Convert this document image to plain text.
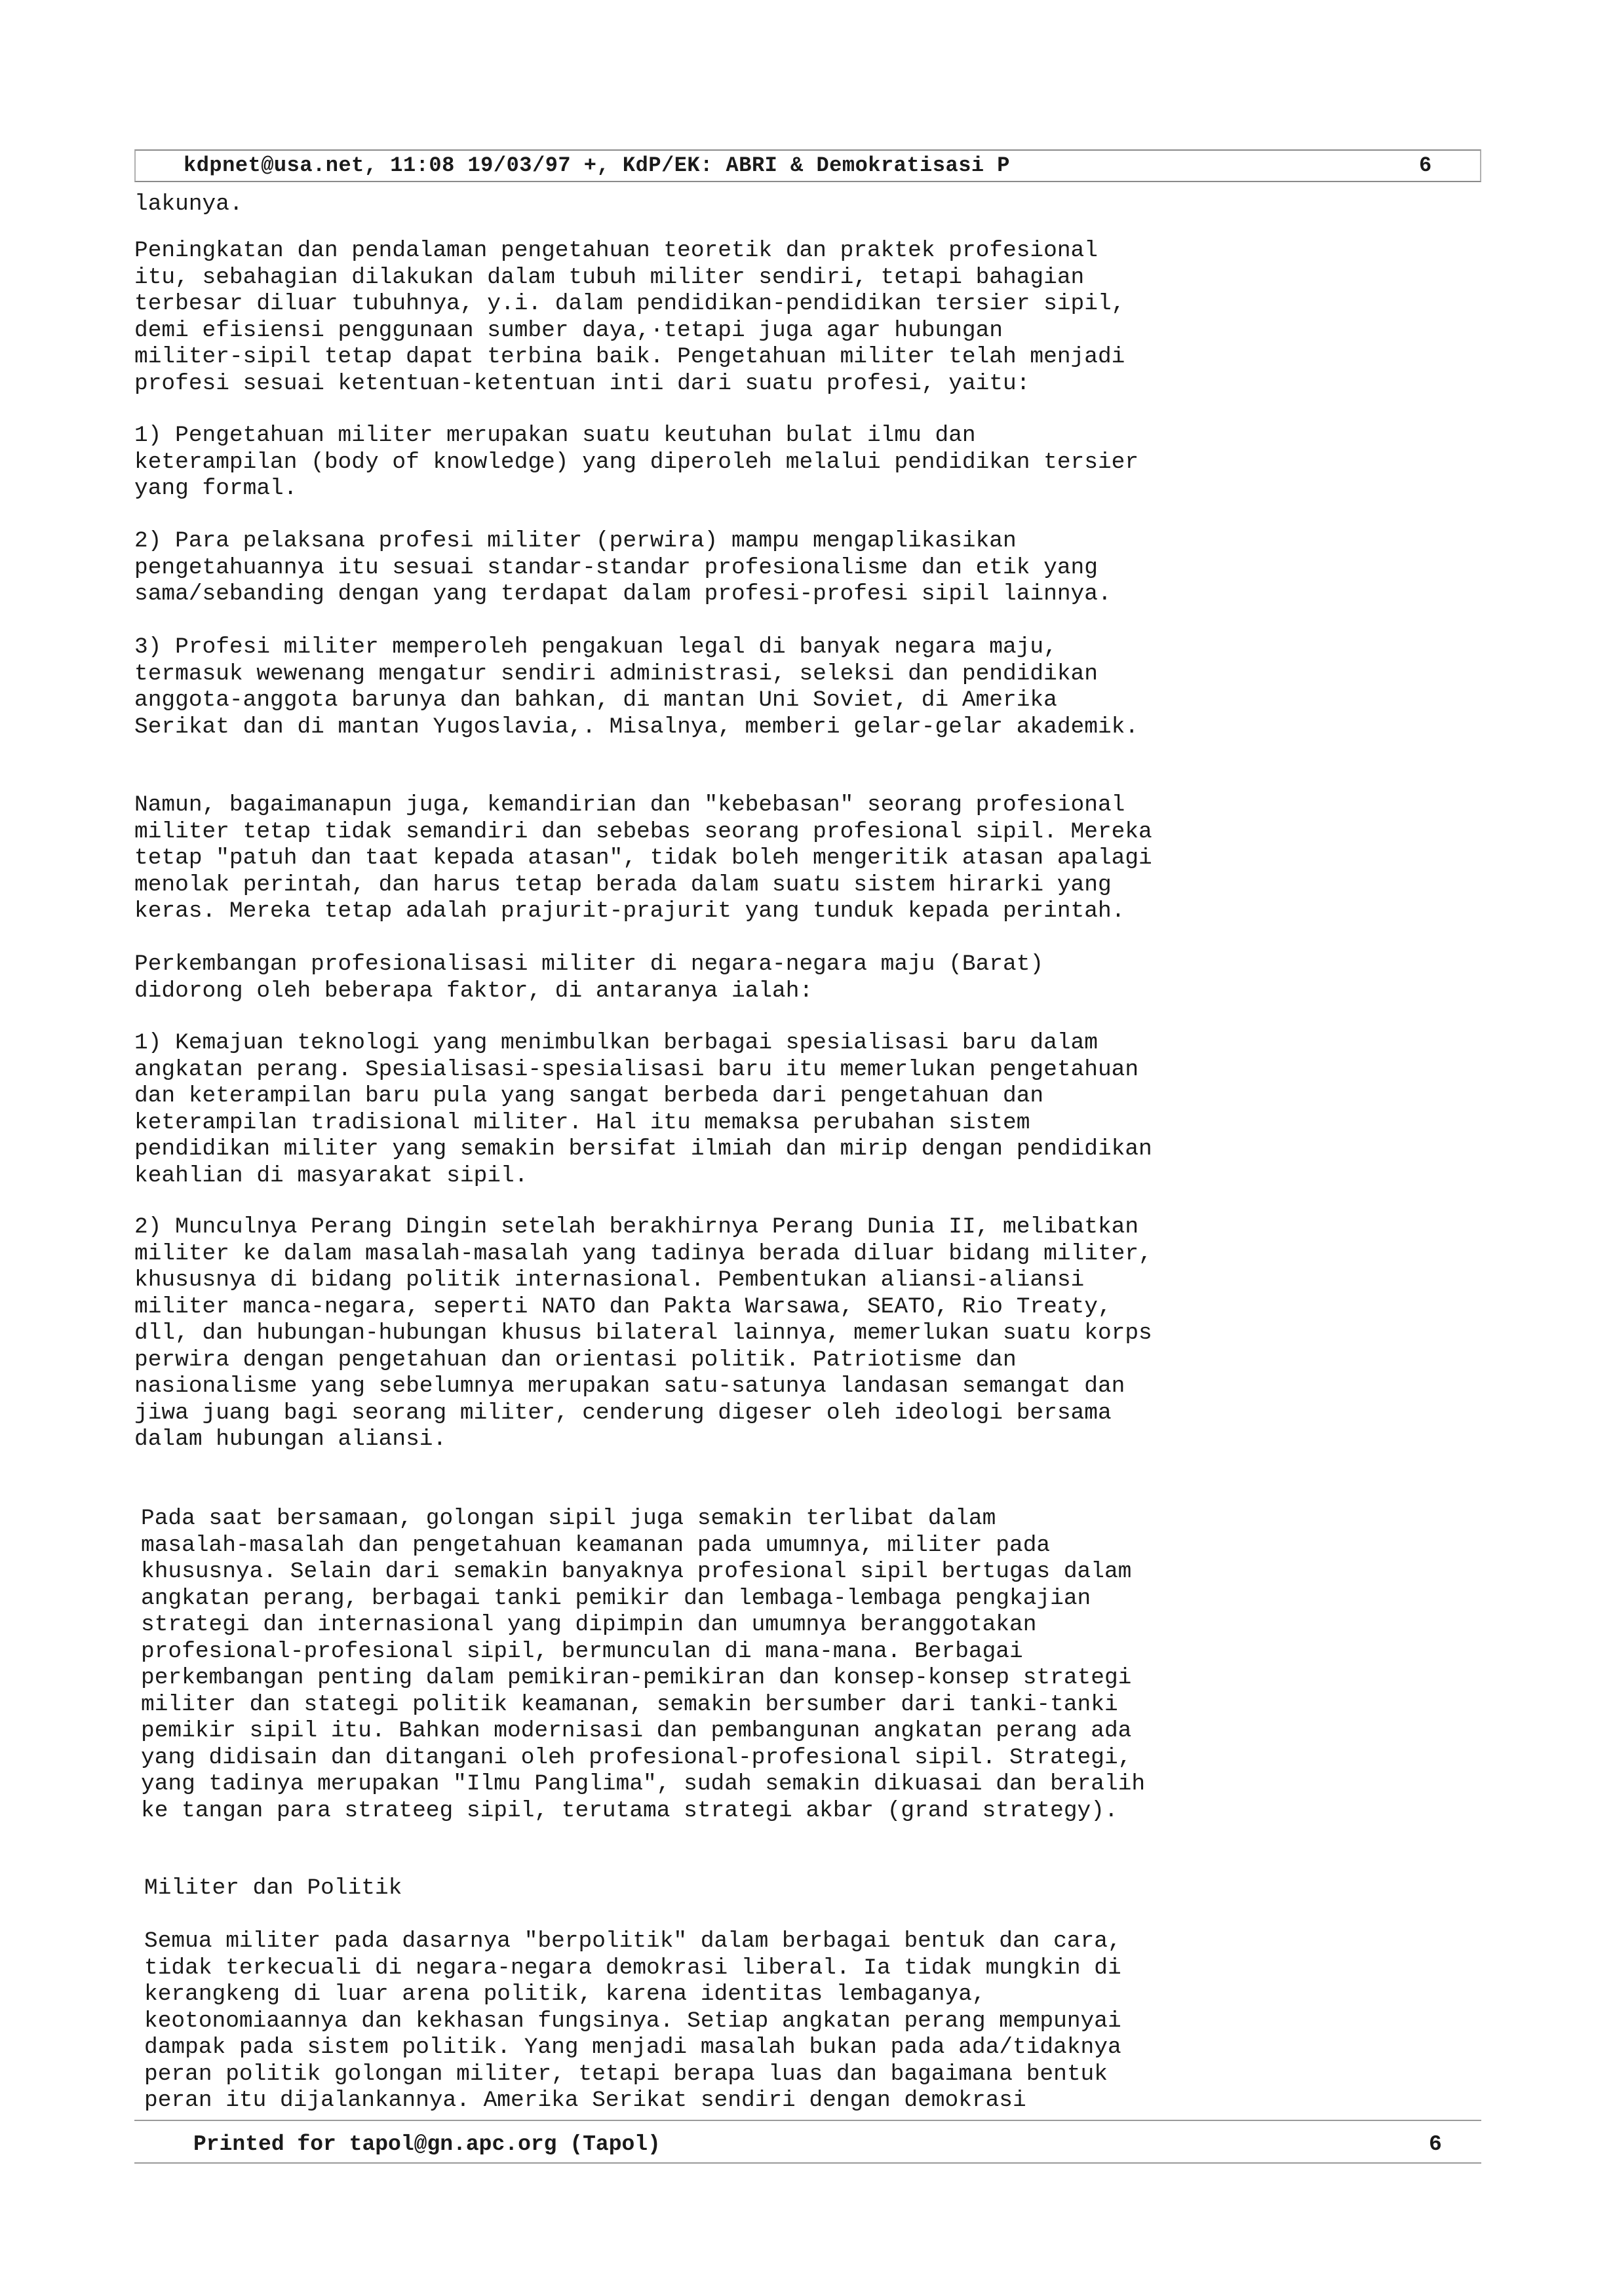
kdpnet@usa.net, 11:08 19/03/97 +, KdP/EK: ABRI & Demokratisasi P	6

lakunya.

Peningkatan dan pendalaman pengetahuan teoretik dan praktek profesional
itu, sebahagian dilakukan dalam tubuh militer sendiri, tetapi bahagian
terbesar diluar tubuhnya, y.i. dalam pendidikan-pendidikan tersier sipil,
demi efisiensi penggunaan sumber daya,·tetapi juga agar hubungan
militer-sipil tetap dapat terbina baik. Pengetahuan militer telah menjadi
profesi sesuai ketentuan-ketentuan inti dari suatu profesi, yaitu:

1) Pengetahuan militer merupakan suatu keutuhan bulat ilmu dan
keterampilan (body of knowledge) yang diperoleh melalui pendidikan tersier
yang formal.

2) Para pelaksana profesi militer (perwira) mampu mengaplikasikan
pengetahuannya itu sesuai standar-standar profesionalisme dan etik yang
sama/sebanding dengan yang terdapat dalam profesi-profesi sipil lainnya.

3) Profesi militer memperoleh pengakuan legal di banyak negara maju,
termasuk wewenang mengatur sendiri administrasi, seleksi dan pendidikan
anggota-anggota barunya dan bahkan, di mantan Uni Soviet, di Amerika
Serikat dan di mantan Yugoslavia,. Misalnya, memberi gelar-gelar akademik.

Namun, bagaimanapun juga, kemandirian dan "kebebasan" seorang profesional
militer tetap tidak semandiri dan sebebas seorang profesional sipil. Mereka
tetap "patuh dan taat kepada atasan", tidak boleh mengeritik atasan apalagi
menolak perintah, dan harus tetap berada dalam suatu sistem hirarki yang
keras. Mereka tetap adalah prajurit-prajurit yang tunduk kepada perintah.

Perkembangan profesionalisasi militer di negara-negara maju (Barat)
didorong oleh beberapa faktor, di antaranya ialah:

1) Kemajuan teknologi yang menimbulkan berbagai spesialisasi baru dalam
angkatan perang. Spesialisasi-spesialisasi baru itu memerlukan pengetahuan
dan keterampilan baru pula yang sangat berbeda dari pengetahuan dan
keterampilan tradisional militer. Hal itu memaksa perubahan sistem
pendidikan militer yang semakin bersifat ilmiah dan mirip dengan pendidikan
keahlian di masyarakat sipil.

2) Munculnya Perang Dingin setelah berakhirnya Perang Dunia II, melibatkan
militer ke dalam masalah-masalah yang tadinya berada diluar bidang militer,
khususnya di bidang politik internasional. Pembentukan aliansi-aliansi
militer manca-negara, seperti NATO dan Pakta Warsawa, SEATO, Rio Treaty,
dll, dan hubungan-hubungan khusus bilateral lainnya, memerlukan suatu korps
perwira dengan pengetahuan dan orientasi politik. Patriotisme dan
nasionalisme yang sebelumnya merupakan satu-satunya landasan semangat dan
jiwa juang bagi seorang militer, cenderung digeser oleh ideologi bersama
dalam hubungan aliansi.

Pada saat bersamaan, golongan sipil juga semakin terlibat dalam
masalah-masalah dan pengetahuan keamanan pada umumnya, militer pada
khususnya. Selain dari semakin banyaknya profesional sipil bertugas dalam
angkatan perang, berbagai tanki pemikir dan lembaga-lembaga pengkajian
strategi dan internasional yang dipimpin dan umumnya beranggotakan
profesional-profesional sipil, bermunculan di mana-mana. Berbagai
perkembangan penting dalam pemikiran-pemikiran dan konsep-konsep strategi
militer dan stategi politik keamanan, semakin bersumber dari tanki-tanki
pemikir sipil itu. Bahkan modernisasi dan pembangunan angkatan perang ada
yang didisain dan ditangani oleh profesional-profesional sipil. Strategi,
yang tadinya merupakan "Ilmu Panglima", sudah semakin dikuasai dan beralih
ke tangan para strateeg sipil, terutama strategi akbar (grand strategy).

Militer dan Politik

Semua militer pada dasarnya "berpolitik" dalam berbagai bentuk dan cara,
tidak terkecuali di negara-negara demokrasi liberal. Ia tidak mungkin di
kerangkeng di luar arena politik, karena identitas lembaganya,
keotonomiaannya dan kekhasan fungsinya. Setiap angkatan perang mempunyai
dampak pada sistem politik. Yang menjadi masalah bukan pada ada/tidaknya
peran politik golongan militer, tetapi berapa luas dan bagaimana bentuk
peran itu dijalankannya. Amerika Serikat sendiri dengan demokrasi

Printed for tapol@gn.apc.org (Tapol)	6
